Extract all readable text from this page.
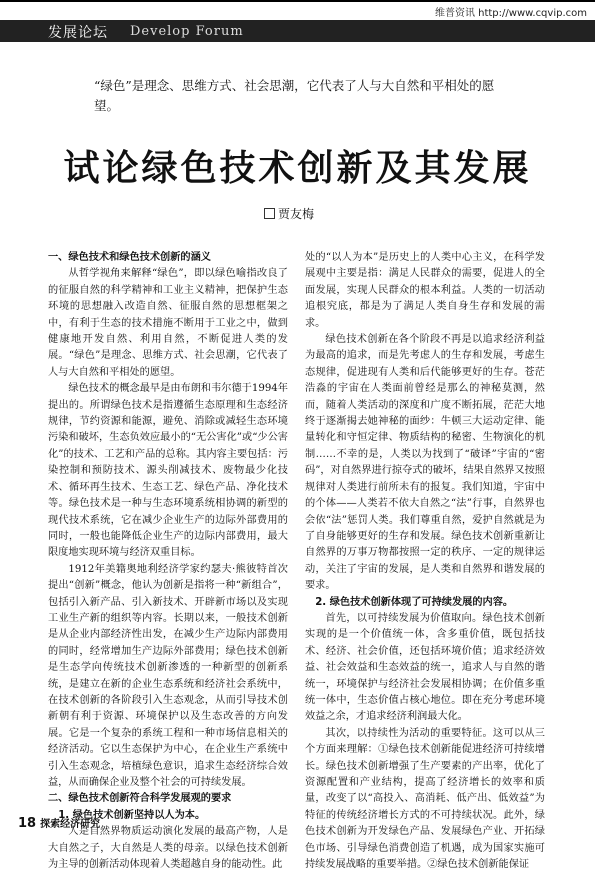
维普资讯 http://www.cqvip.com
发展论坛 Develop Forum
“绿色”是理念、思维方式、社会思潮，它代表了人与大自然和平相处的愿望。
试论绿色技术创新及其发展
贾友梅

一、绿色技术和绿色技术创新的涵义

从哲学视角来解释“绿色”，即以绿色喻指改良了的征服自然的科学精神和工业主义精神，把保护生态环境的思想融入改造自然、征服自然的思想框架之中，有利于生态的技术措施不断用于工业之中，做到健康地开发自然、利用自然，不断促进人类的发展。“绿色”是理念、思维方式、社会思潮，它代表了人与大自然和平相处的愿望。

绿色技术的概念最早是由布朗和韦尔德于1994年提出的。所谓绿色技术是指遵循生态原理和生态经济规律，节约资源和能源，避免、消除或减轻生态环境污染和破坏，生态负效应最小的“无公害化”或“少公害化”的技术、工艺和产品的总称。其内容主要包括：污染控制和预防技术、源头削减技术、废物最少化技术、循环再生技术、生态工艺、绿色产品、净化技术等。绿色技术是一种与生态环境系统相协调的新型的现代技术系统，它在减少企业生产的边际外部费用的同时，一般也能降低企业生产的边际内部费用，最大限度地实现环境与经济双重目标。

1912年美籍奥地利经济学家约瑟夫·熊彼特首次提出“创新”概念，他认为创新是指将一种“新组合”，包括引入新产品、引入新技术、开辟新市场以及实现工业生产新的组织等内容。长期以来，一般技术创新是从企业内部经济性出发，在减少生产边际内部费用的同时，经常增加生产边际外部费用；绿色技术创新是生态学向传统技术创新渗透的一种新型的创新系统，是建立在新的企业生态系统和经济社会系统中，在技术创新的各阶段引入生态观念，从而引导技术创新朝有利于资源、环境保护以及生态改善的方向发展。它是一个复杂的系统工程和一种市场信息相关的经济活动。它以生态保护为中心，在企业生产系统中引入生态观念，培植绿色意识，追求生态经济综合效益，从而确保企业及整个社会的可持续发展。

二、绿色技术创新符合科学发展观的要求

1. 绿色技术创新坚持以人为本。

人是自然界物质运动演化发展的最高产物，人是大自然之子，大自然是人类的母亲。以绿色技术创新为主导的创新活动体现着人类超越自身的能动性。此

处的“以人为本”是历史上的人类中心主义，在科学发展观中主要是指：满足人民群众的需要，促进人的全面发展，实现人民群众的根本利益。人类的一切活动追根究底，都是为了满足人类自身生存和发展的需求。

绿色技术创新在各个阶段不再是以追求经济利益为最高的追求，而是先考虑人的生存和发展，考虑生态规律，促进现有人类和后代能够更好的生存。苍茫浩淼的宇宙在人类面前曾经是那么的神秘莫测，然而，随着人类活动的深度和广度不断拓展，茫茫大地终于逐渐揭去她神秘的面纱：牛顿三大运动定律、能量转化和守恒定律、物质结构的秘密、生物演化的机制……不幸的是，人类以为找到了“破译”宇宙的“密码”，对自然界进行掠夺式的破坏，结果自然界又按照规律对人类进行前所未有的报复。我们知道，宇宙中的个体——人类若不依大自然之“法”行事，自然界也会依“法”惩罚人类。我们尊重自然，爱护自然就是为了自身能够更好的生存和发展。绿色技术创新重新让自然界的万事万物都按照一定的秩序、一定的规律运动，关注了宇宙的发展，是人类和自然界和谐发展的要求。

2. 绿色技术创新体现了可持续发展的内容。

首先，以可持续发展为价值取向。绿色技术创新实现的是一个价值统一体，含多重价值，既包括技术、经济、社会价值，还包括环境价值；追求经济效益、社会效益和生态效益的统一，追求人与自然的谐统一，环境保护与经济社会发展相协调；在价值多重统一体中，生态价值占核心地位。即在充分考虑环境效益之余，才追求经济利润最大化。

其次，以持续性为活动的重要特征。这可以从三个方面来理解：①绿色技术创新能促进经济可持续增长。绿色技术创新增强了生产要素的产出率，优化了资源配置和产业结构，提高了经济增长的效率和质量，改变了以“高投入、高消耗、低产出、低效益”为特征的传统经济增长方式的不可持续状况。此外，绿色技术创新为开发绿色产品、发展绿色产业、开拓绿色市场、引导绿色消费创造了机遇，成为国家实施可持续发展战略的重要举措。②绿色技术创新能保证

18 探索经济研究
